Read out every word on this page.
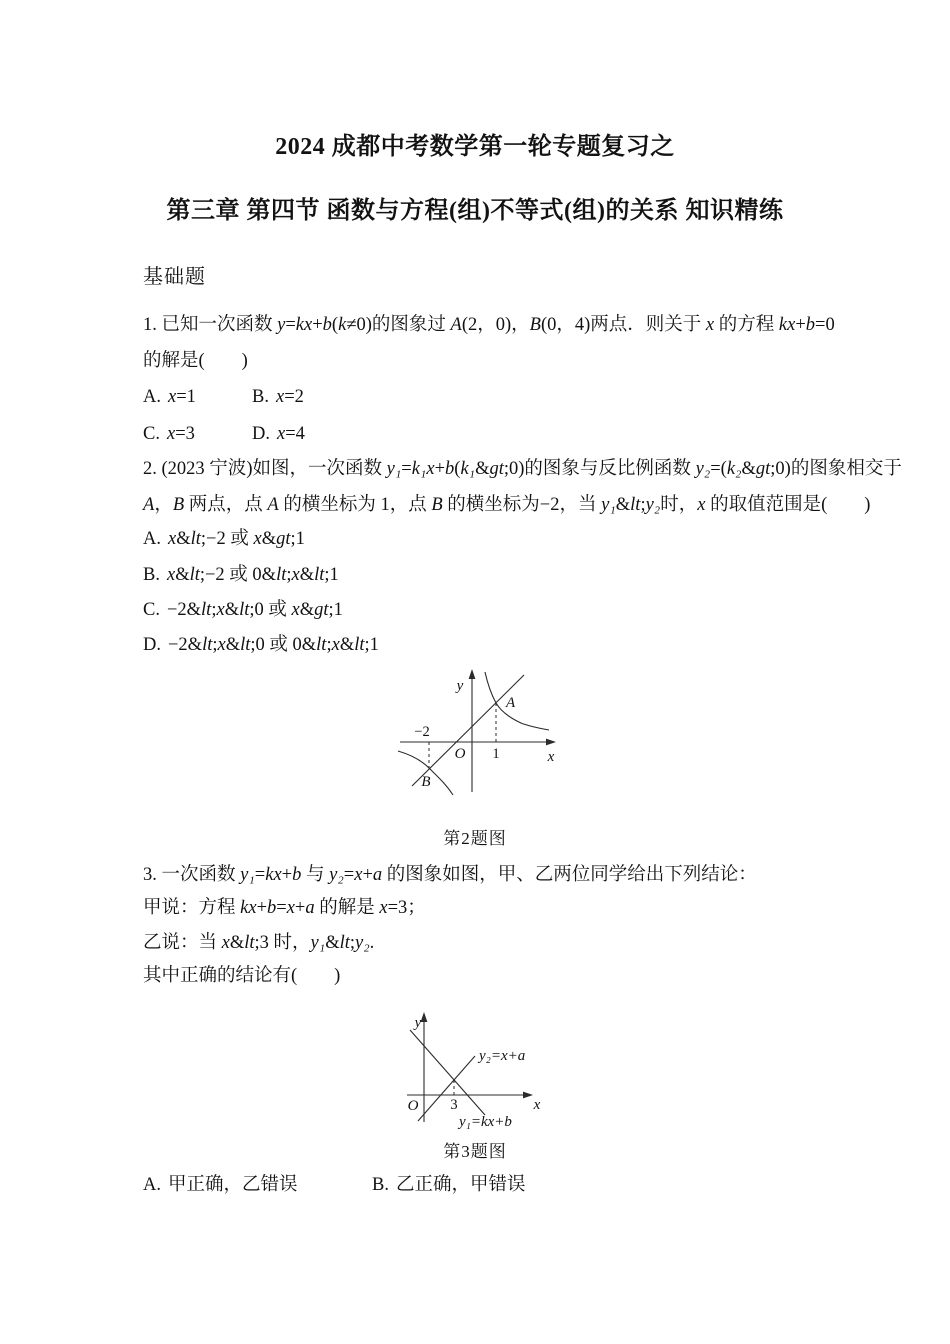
2024 成都中考数学第一轮专题复习之
第三章 第四节 函数与方程(组)不等式(组)的关系 知识精练
基础题
1. 已知一次函数 y=kx+b(k≠0)的图象过 A(2，0)，B(0，4)两点．则关于 x 的方程 kx+b=0
的解是(　　)
A. x=1	B. x=2
C. x=3	D. x=4
2. (2023 宁波)如图，一次函数 y₁=k₁x+b(k₁&gt;0)的图象与反比例函数 y₂=(k₂&gt;0)的图象相交于
A，B 两点，点 A 的横坐标为 1，点 B 的横坐标为−2，当 y₁&lt;y₂时，x 的取值范围是(　　)
A. x&lt;−2 或 x&gt;1
B. x&lt;−2 或 0&lt;x&lt;1
C. −2&lt;x&lt;0 或 x&gt;1
D. −2&lt;x&lt;0 或 0&lt;x&lt;1
y
x
O
A
B
−2
1
第2题图
3. 一次函数 y₁=kx+b 与 y₂=x+a 的图象如图，甲、乙两位同学给出下列结论：
甲说：方程 kx+b=x+a 的解是 x=3；
乙说：当 x&lt;3 时，y₁&lt;y₂.
其中正确的结论有(　　)
y
x
O 3
y₂=x+a
y₁=kx+b
第3题图
A. 甲正确，乙错误	B. 乙正确，甲错误
